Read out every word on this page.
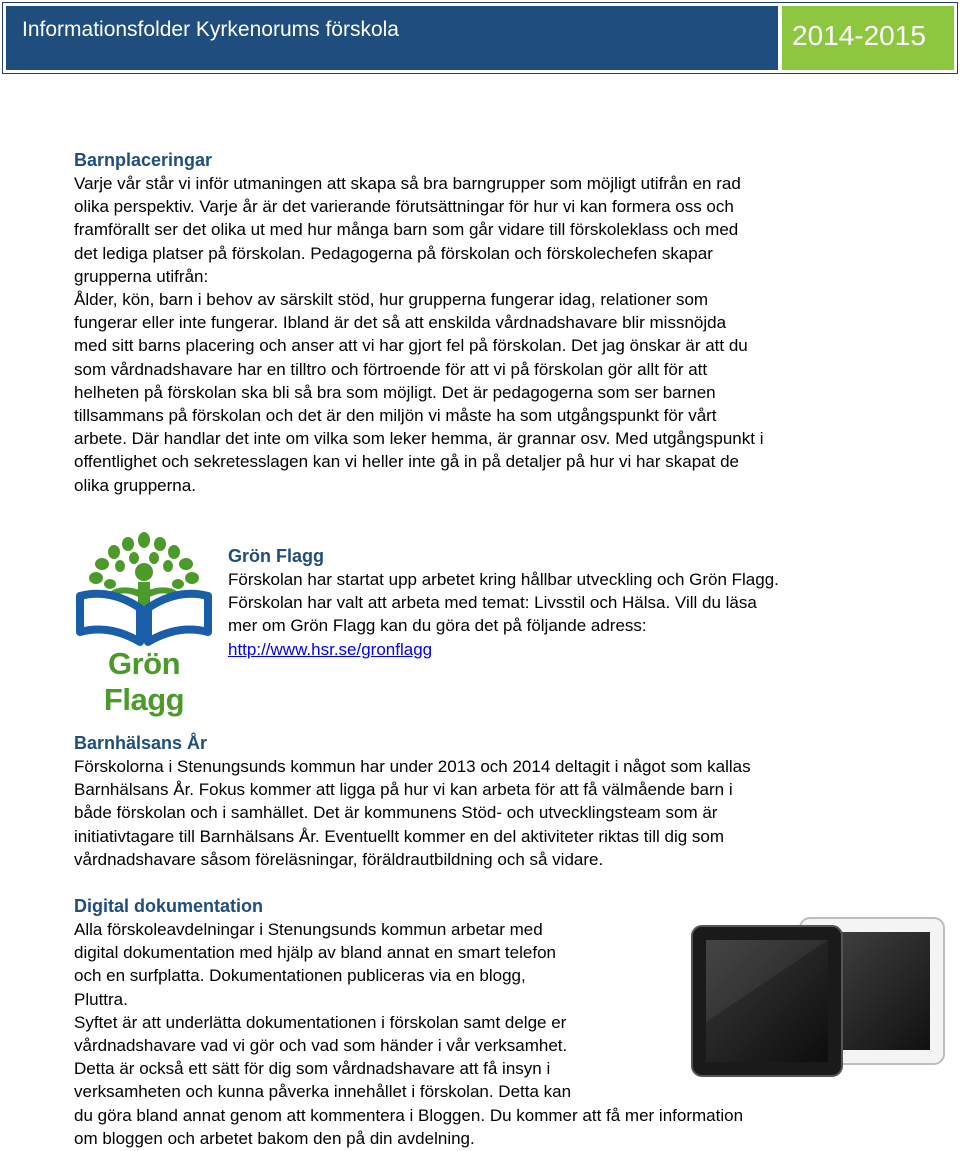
Informationsfolder Kyrkenorums förskola	2014-2015
Barnplaceringar

Varje vår står vi inför utmaningen att skapa så bra barngrupper som möjligt utifrån en rad

olika perspektiv. Varje år är det varierande förutsättningar för hur vi kan formera oss och

framförallt ser det olika ut med hur många barn som går vidare till förskoleklass och med

det lediga platser på förskolan. Pedagogerna på förskolan och förskolechefen skapar

grupperna utifrån:

Ålder, kön, barn i behov av särskilt stöd, hur grupperna fungerar idag, relationer som

fungerar eller inte fungerar. Ibland är det så att enskilda vårdnadshavare blir missnöjda

med sitt barns placering och anser att vi har gjort fel på förskolan. Det jag önskar är att du

som vårdnadshavare har en tilltro och förtroende för att vi på förskolan gör allt för att

helheten på förskolan ska bli så bra som möjligt. Det är pedagogerna som ser barnen

tillsammans på förskolan och det är den miljön vi måste ha som utgångspunkt för vårt

arbete. Där handlar det inte om vilka som leker hemma, är grannar osv. Med utgångspunkt i

offentlighet och sekretesslagen kan vi heller inte gå in på detaljer på hur vi har skapat de

olika grupperna.

Grön Flagg
Grön Flagg

Förskolan har startat upp arbetet kring hållbar utveckling och Grön Flagg.

Förskolan har valt att arbeta med temat: Livsstil och Hälsa. Vill du läsa

mer om Grön Flagg kan du göra det på följande adress:

http://www.hsr.se/gronflagg

Barnhälsans År

Förskolorna i Stenungsunds kommun har under 2013 och 2014 deltagit i något som kallas

Barnhälsans År. Fokus kommer att ligga på hur vi kan arbeta för att få välmående barn i

både förskolan och i samhället. Det är kommunens Stöd- och utvecklingsteam som är

initiativtagare till Barnhälsans År. Eventuellt kommer en del aktiviteter riktas till dig som

vårdnadshavare såsom föreläsningar, föräldrautbildning och så vidare.

Digital dokumentation

Alla förskoleavdelningar i Stenungsunds kommun arbetar med

digital dokumentation med hjälp av bland annat en smart telefon

och en surfplatta. Dokumentationen publiceras via en blogg,

Pluttra.

Syftet är att underlätta dokumentationen i förskolan samt delge er

vårdnadshavare vad vi gör och vad som händer i vår verksamhet.

Detta är också ett sätt för dig som vårdnadshavare att få insyn i

verksamheten och kunna påverka innehållet i förskolan. Detta kan

du göra bland annat genom att kommentera i Bloggen. Du kommer att få mer information

om bloggen och arbetet bakom den på din avdelning.
